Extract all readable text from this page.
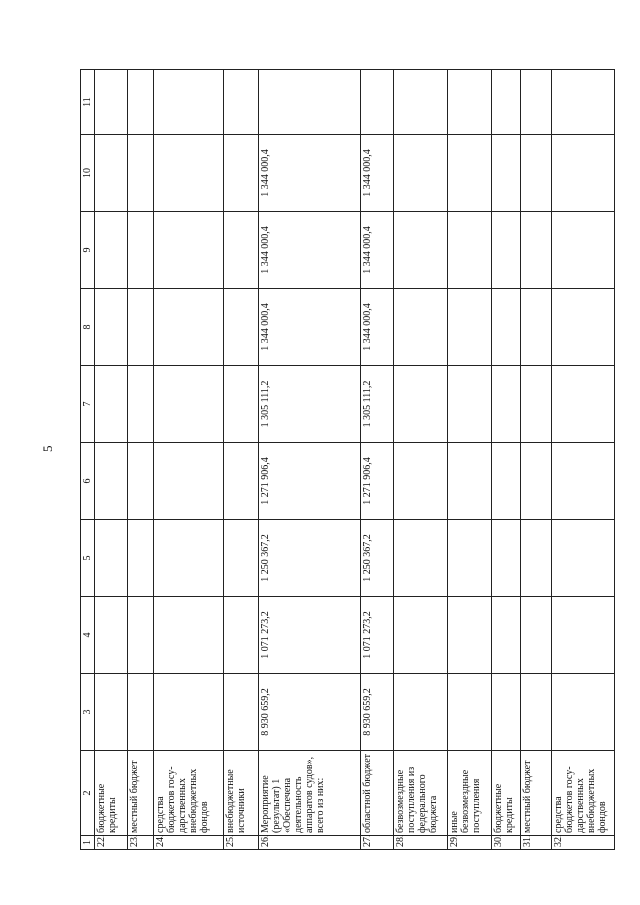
5
1	2	3	4	5	6	7	8	9	10	11
22.	бюджетные кредиты									
23.	местный бюджет									
24.	средства бюджетов госу-дарственных внебюджетных фондов									
25.	внебюджетные источники									
26.	Мероприятие (результат) 1 «Обеспечена деятельность аппаратов судов», всего из них:	8 930 659,2	1 071 273,2	1 250 367,2	1 271 906,4	1 305 111,2	1 344 000,4	1 344 000,4	1 344 000,4	
27.	областной бюджет	8 930 659,2	1 071 273,2	1 250 367,2	1 271 906,4	1 305 111,2	1 344 000,4	1 344 000,4	1 344 000,4	
28.	безвозмездные поступления из федерального бюджета									
29.	иные безвозмездные поступления									
30.	бюджетные кредиты									
31.	местный бюджет									
32.	средства бюджетов госу-дарственных внебюджетных фондов									
